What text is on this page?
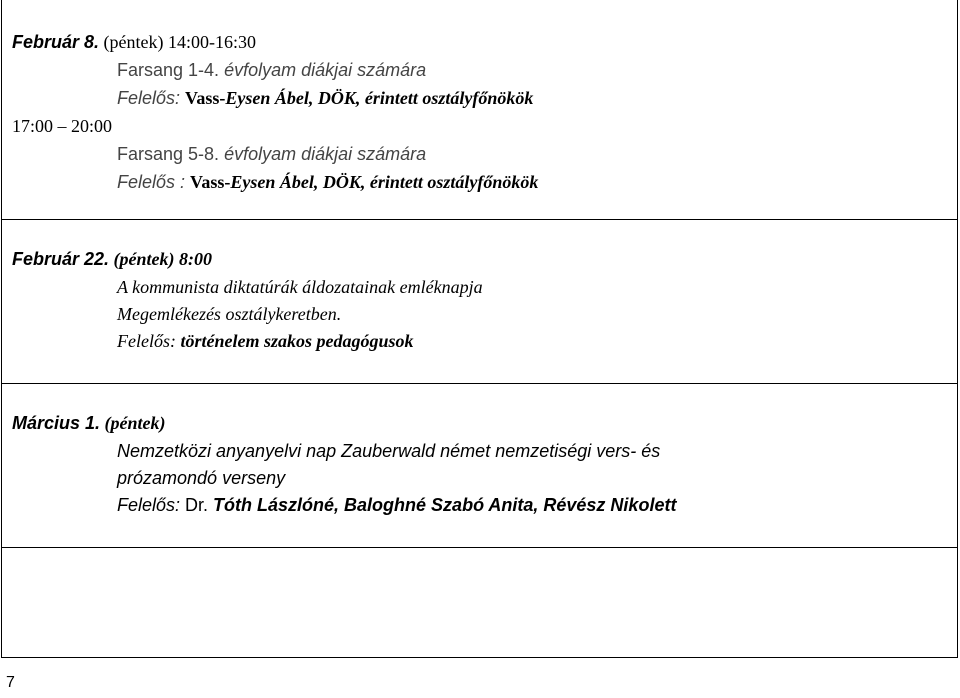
Február 8. (péntek) 14:00-16:30
Farsang 1-4. évfolyam diákjai számára
Felelős: Vass-Eysen Ábel, DÖK, érintett osztályfőnökök
17:00 – 20:00
Farsang 5-8. évfolyam diákjai számára
Felelős : Vass-Eysen Ábel, DÖK, érintett osztályfőnökök
Február 22. (péntek) 8:00
A kommunista diktatúrák áldozatainak emléknapja
Megemlékezés osztálykeretben.
Felelős: történelem szakos pedagógusok
Március 1. (péntek)
Nemzetközi anyanyelvi nap Zauberwald német nemzetiségi vers- és
prózamondó verseny
Felelős: Dr. Tóth Lászlóné, Baloghné Szabó Anita, Révész Nikolett
7
